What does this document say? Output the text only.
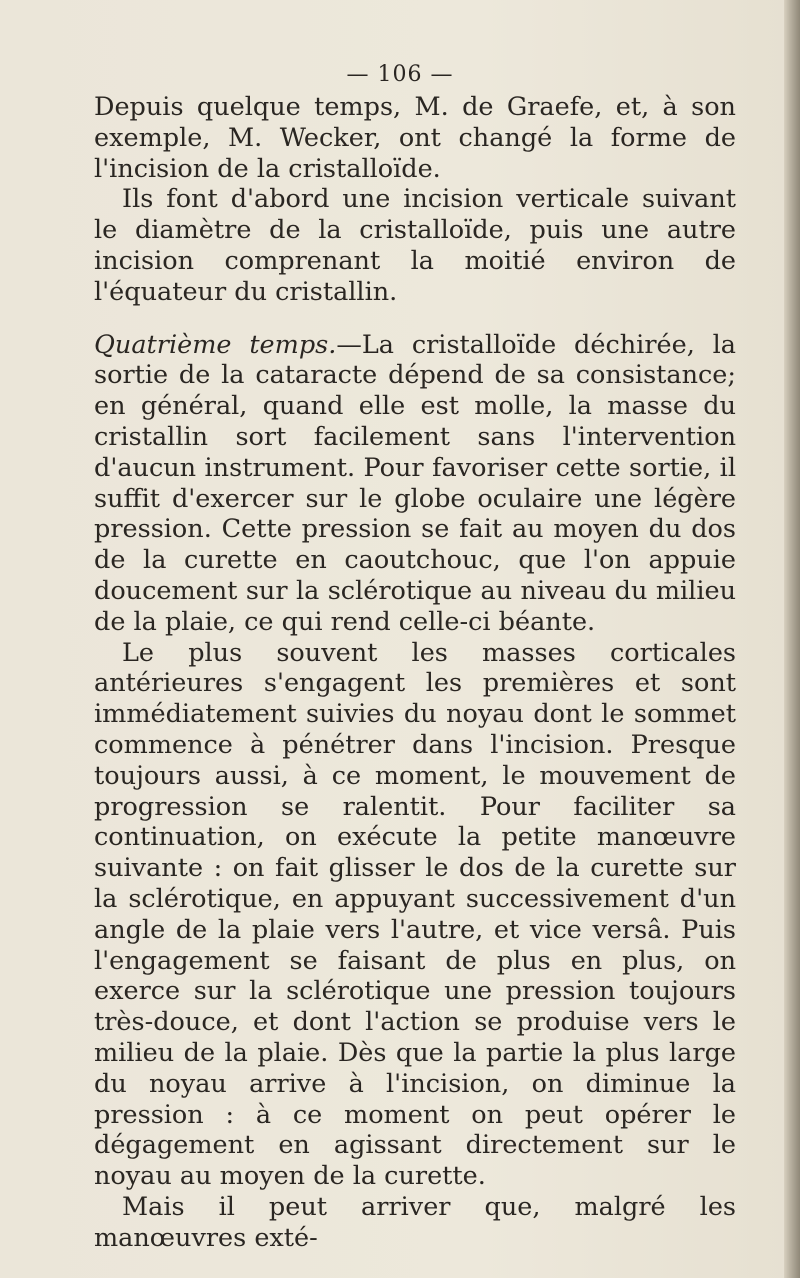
— 106 —

Depuis quelque temps, M. de Graefe, et, à son exemple, M. Wecker, ont changé la forme de l'incision de la cristalloïde.

Ils font d'abord une incision verticale suivant le diamètre de la cristalloïde, puis une autre incision comprenant la moitié environ de l'équateur du cristallin.

Quatrième temps.—La cristalloïde déchirée, la sortie de la cataracte dépend de sa consistance; en général, quand elle est molle, la masse du cristallin sort facilement sans l'intervention d'aucun instrument. Pour favoriser cette sortie, il suffit d'exercer sur le globe oculaire une légère pression. Cette pression se fait au moyen du dos de la curette en caoutchouc, que l'on appuie doucement sur la sclérotique au niveau du milieu de la plaie, ce qui rend celle-ci béante.

Le plus souvent les masses corticales antérieures s'engagent les premières et sont immédiatement suivies du noyau dont le sommet commence à pénétrer dans l'incision. Presque toujours aussi, à ce moment, le mouvement de progression se ralentit. Pour faciliter sa continuation, on exécute la petite manœuvre suivante : on fait glisser le dos de la curette sur la sclérotique, en appuyant successivement d'un angle de la plaie vers l'autre, et vice versâ. Puis l'engagement se faisant de plus en plus, on exerce sur la sclérotique une pression toujours très-douce, et dont l'action se produise vers le milieu de la plaie. Dès que la partie la plus large du noyau arrive à l'incision, on diminue la pression : à ce moment on peut opérer le dégagement en agissant directement sur le noyau au moyen de la curette.

Mais il peut arriver que, malgré les manœuvres exté-
